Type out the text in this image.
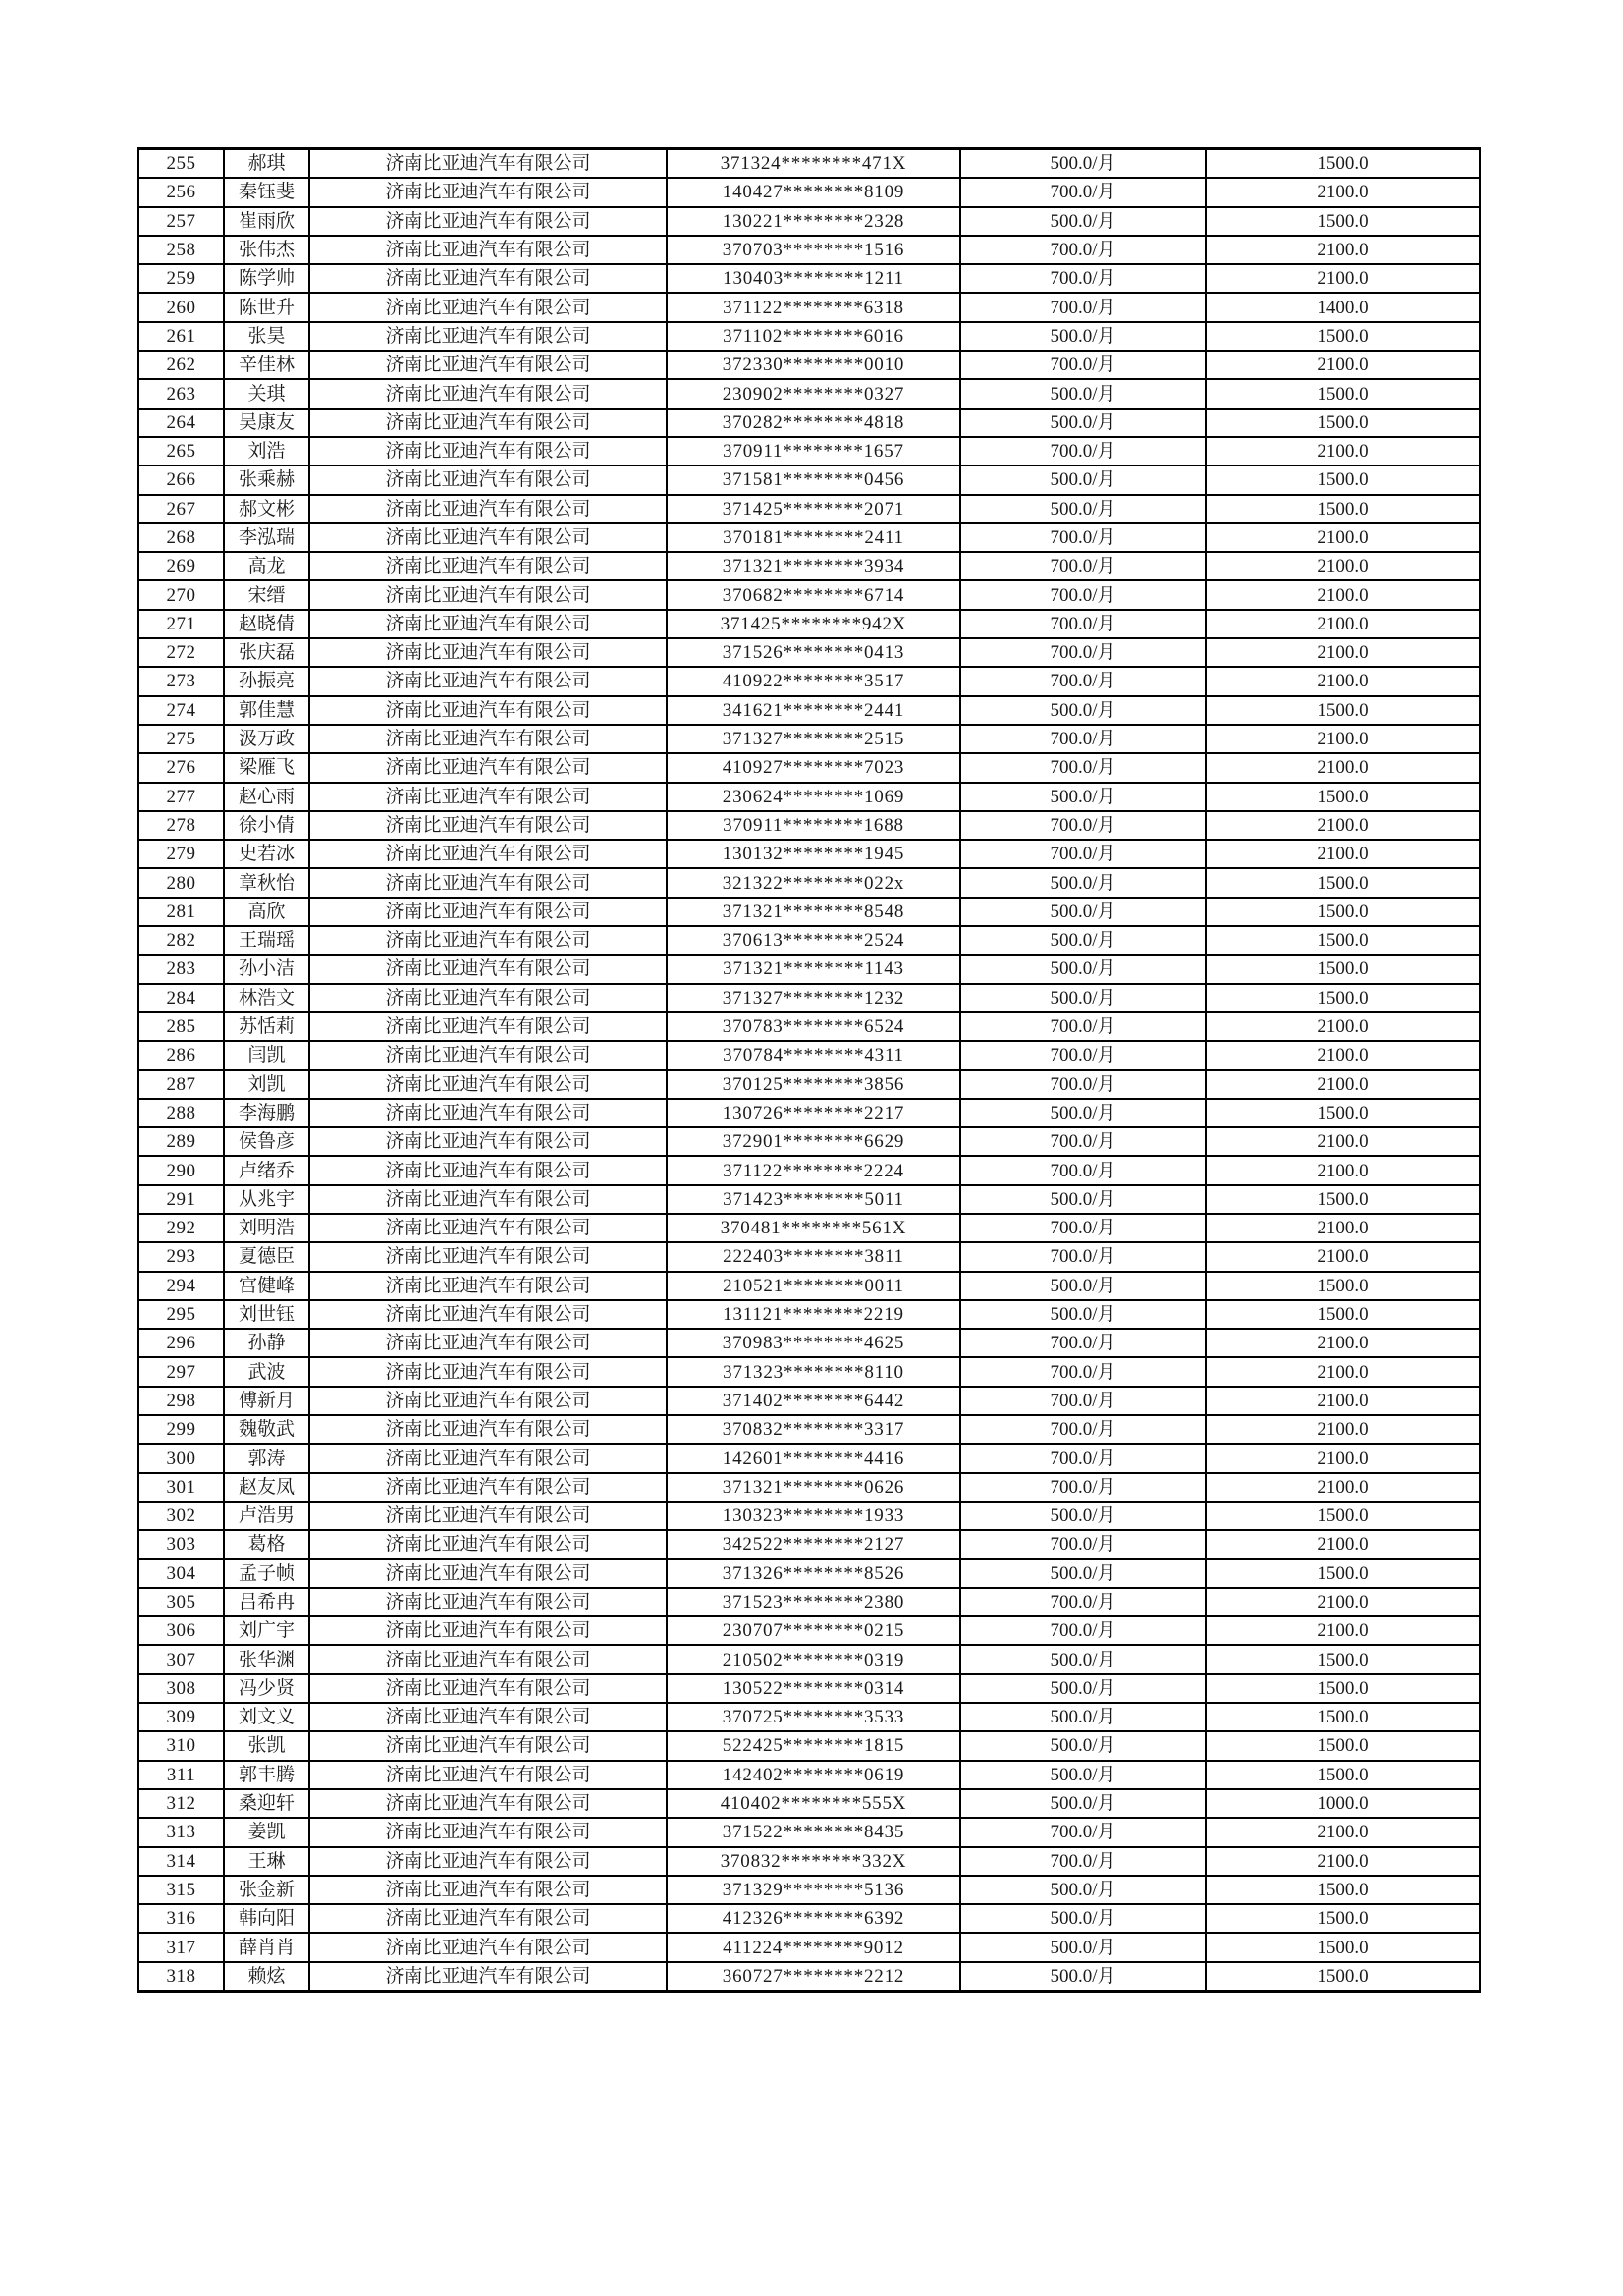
255	郝琪	济南比亚迪汽车有限公司	371324********471X	500.0/月	1500.0
256	秦钰斐	济南比亚迪汽车有限公司	140427********8109	700.0/月	2100.0
257	崔雨欣	济南比亚迪汽车有限公司	130221********2328	500.0/月	1500.0
258	张伟杰	济南比亚迪汽车有限公司	370703********1516	700.0/月	2100.0
259	陈学帅	济南比亚迪汽车有限公司	130403********1211	700.0/月	2100.0
260	陈世升	济南比亚迪汽车有限公司	371122********6318	700.0/月	1400.0
261	张昊	济南比亚迪汽车有限公司	371102********6016	500.0/月	1500.0
262	辛佳林	济南比亚迪汽车有限公司	372330********0010	700.0/月	2100.0
263	关琪	济南比亚迪汽车有限公司	230902********0327	500.0/月	1500.0
264	吴康友	济南比亚迪汽车有限公司	370282********4818	500.0/月	1500.0
265	刘浩	济南比亚迪汽车有限公司	370911********1657	700.0/月	2100.0
266	张乘赫	济南比亚迪汽车有限公司	371581********0456	500.0/月	1500.0
267	郝文彬	济南比亚迪汽车有限公司	371425********2071	500.0/月	1500.0
268	李泓瑞	济南比亚迪汽车有限公司	370181********2411	700.0/月	2100.0
269	高龙	济南比亚迪汽车有限公司	371321********3934	700.0/月	2100.0
270	宋缙	济南比亚迪汽车有限公司	370682********6714	700.0/月	2100.0
271	赵晓倩	济南比亚迪汽车有限公司	371425********942X	700.0/月	2100.0
272	张庆磊	济南比亚迪汽车有限公司	371526********0413	700.0/月	2100.0
273	孙振亮	济南比亚迪汽车有限公司	410922********3517	700.0/月	2100.0
274	郭佳慧	济南比亚迪汽车有限公司	341621********2441	500.0/月	1500.0
275	汲万政	济南比亚迪汽车有限公司	371327********2515	700.0/月	2100.0
276	梁雁飞	济南比亚迪汽车有限公司	410927********7023	700.0/月	2100.0
277	赵心雨	济南比亚迪汽车有限公司	230624********1069	500.0/月	1500.0
278	徐小倩	济南比亚迪汽车有限公司	370911********1688	700.0/月	2100.0
279	史若冰	济南比亚迪汽车有限公司	130132********1945	700.0/月	2100.0
280	章秋怡	济南比亚迪汽车有限公司	321322********022x	500.0/月	1500.0
281	高欣	济南比亚迪汽车有限公司	371321********8548	500.0/月	1500.0
282	王瑞瑶	济南比亚迪汽车有限公司	370613********2524	500.0/月	1500.0
283	孙小洁	济南比亚迪汽车有限公司	371321********1143	500.0/月	1500.0
284	林浩文	济南比亚迪汽车有限公司	371327********1232	500.0/月	1500.0
285	苏恬莉	济南比亚迪汽车有限公司	370783********6524	700.0/月	2100.0
286	闫凯	济南比亚迪汽车有限公司	370784********4311	700.0/月	2100.0
287	刘凯	济南比亚迪汽车有限公司	370125********3856	700.0/月	2100.0
288	李海鹏	济南比亚迪汽车有限公司	130726********2217	500.0/月	1500.0
289	侯鲁彦	济南比亚迪汽车有限公司	372901********6629	700.0/月	2100.0
290	卢绪乔	济南比亚迪汽车有限公司	371122********2224	700.0/月	2100.0
291	从兆宇	济南比亚迪汽车有限公司	371423********5011	500.0/月	1500.0
292	刘明浩	济南比亚迪汽车有限公司	370481********561X	700.0/月	2100.0
293	夏德臣	济南比亚迪汽车有限公司	222403********3811	700.0/月	2100.0
294	宫健峰	济南比亚迪汽车有限公司	210521********0011	500.0/月	1500.0
295	刘世钰	济南比亚迪汽车有限公司	131121********2219	500.0/月	1500.0
296	孙静	济南比亚迪汽车有限公司	370983********4625	700.0/月	2100.0
297	武波	济南比亚迪汽车有限公司	371323********8110	700.0/月	2100.0
298	傅新月	济南比亚迪汽车有限公司	371402********6442	700.0/月	2100.0
299	魏敬武	济南比亚迪汽车有限公司	370832********3317	700.0/月	2100.0
300	郭涛	济南比亚迪汽车有限公司	142601********4416	700.0/月	2100.0
301	赵友凤	济南比亚迪汽车有限公司	371321********0626	700.0/月	2100.0
302	卢浩男	济南比亚迪汽车有限公司	130323********1933	500.0/月	1500.0
303	葛格	济南比亚迪汽车有限公司	342522********2127	700.0/月	2100.0
304	孟子帧	济南比亚迪汽车有限公司	371326********8526	500.0/月	1500.0
305	吕希冉	济南比亚迪汽车有限公司	371523********2380	700.0/月	2100.0
306	刘广宇	济南比亚迪汽车有限公司	230707********0215	700.0/月	2100.0
307	张华渊	济南比亚迪汽车有限公司	210502********0319	500.0/月	1500.0
308	冯少贤	济南比亚迪汽车有限公司	130522********0314	500.0/月	1500.0
309	刘文义	济南比亚迪汽车有限公司	370725********3533	500.0/月	1500.0
310	张凯	济南比亚迪汽车有限公司	522425********1815	500.0/月	1500.0
311	郭丰腾	济南比亚迪汽车有限公司	142402********0619	500.0/月	1500.0
312	桑迎轩	济南比亚迪汽车有限公司	410402********555X	500.0/月	1000.0
313	姜凯	济南比亚迪汽车有限公司	371522********8435	700.0/月	2100.0
314	王琳	济南比亚迪汽车有限公司	370832********332X	700.0/月	2100.0
315	张金新	济南比亚迪汽车有限公司	371329********5136	500.0/月	1500.0
316	韩向阳	济南比亚迪汽车有限公司	412326********6392	500.0/月	1500.0
317	薛肖肖	济南比亚迪汽车有限公司	411224********9012	500.0/月	1500.0
318	赖炫	济南比亚迪汽车有限公司	360727********2212	500.0/月	1500.0
